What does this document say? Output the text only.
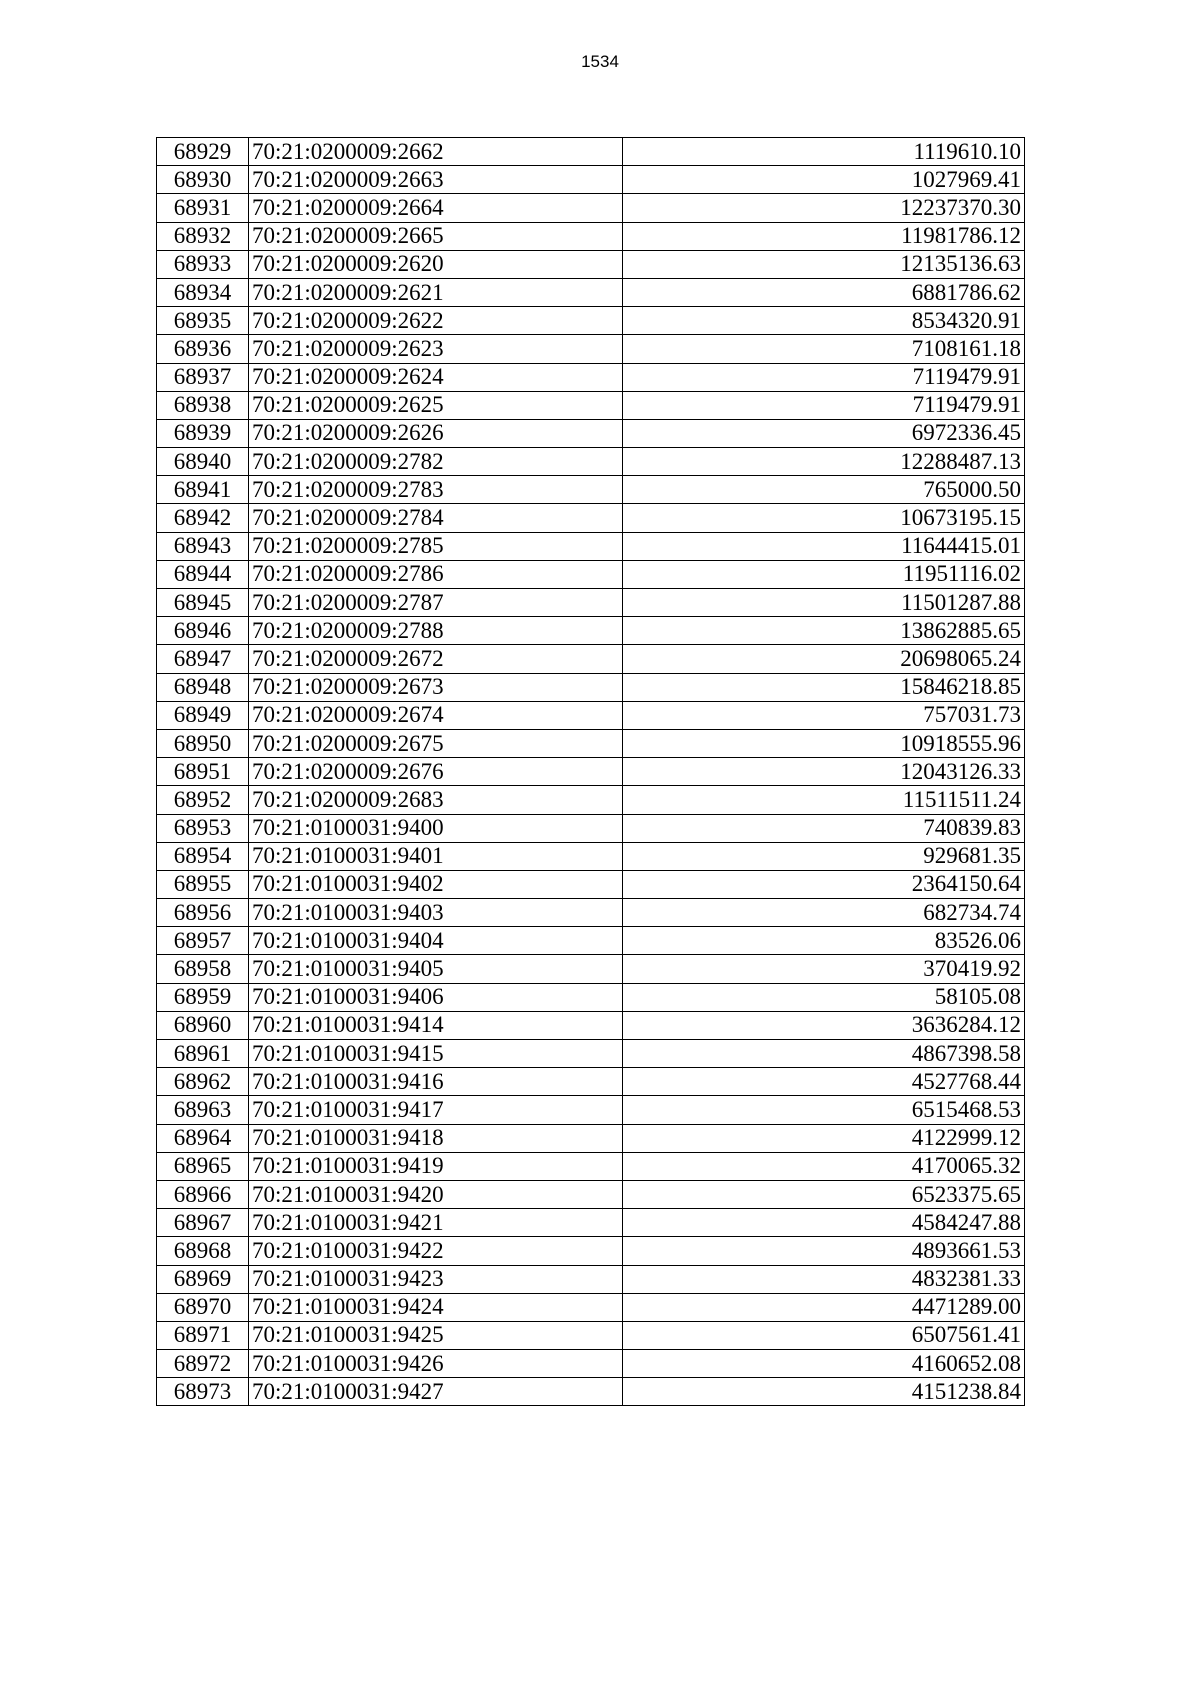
1534
68929	70:21:0200009:2662	1119610.10
68930	70:21:0200009:2663	1027969.41
68931	70:21:0200009:2664	12237370.30
68932	70:21:0200009:2665	11981786.12
68933	70:21:0200009:2620	12135136.63
68934	70:21:0200009:2621	6881786.62
68935	70:21:0200009:2622	8534320.91
68936	70:21:0200009:2623	7108161.18
68937	70:21:0200009:2624	7119479.91
68938	70:21:0200009:2625	7119479.91
68939	70:21:0200009:2626	6972336.45
68940	70:21:0200009:2782	12288487.13
68941	70:21:0200009:2783	765000.50
68942	70:21:0200009:2784	10673195.15
68943	70:21:0200009:2785	11644415.01
68944	70:21:0200009:2786	11951116.02
68945	70:21:0200009:2787	11501287.88
68946	70:21:0200009:2788	13862885.65
68947	70:21:0200009:2672	20698065.24
68948	70:21:0200009:2673	15846218.85
68949	70:21:0200009:2674	757031.73
68950	70:21:0200009:2675	10918555.96
68951	70:21:0200009:2676	12043126.33
68952	70:21:0200009:2683	11511511.24
68953	70:21:0100031:9400	740839.83
68954	70:21:0100031:9401	929681.35
68955	70:21:0100031:9402	2364150.64
68956	70:21:0100031:9403	682734.74
68957	70:21:0100031:9404	83526.06
68958	70:21:0100031:9405	370419.92
68959	70:21:0100031:9406	58105.08
68960	70:21:0100031:9414	3636284.12
68961	70:21:0100031:9415	4867398.58
68962	70:21:0100031:9416	4527768.44
68963	70:21:0100031:9417	6515468.53
68964	70:21:0100031:9418	4122999.12
68965	70:21:0100031:9419	4170065.32
68966	70:21:0100031:9420	6523375.65
68967	70:21:0100031:9421	4584247.88
68968	70:21:0100031:9422	4893661.53
68969	70:21:0100031:9423	4832381.33
68970	70:21:0100031:9424	4471289.00
68971	70:21:0100031:9425	6507561.41
68972	70:21:0100031:9426	4160652.08
68973	70:21:0100031:9427	4151238.84
